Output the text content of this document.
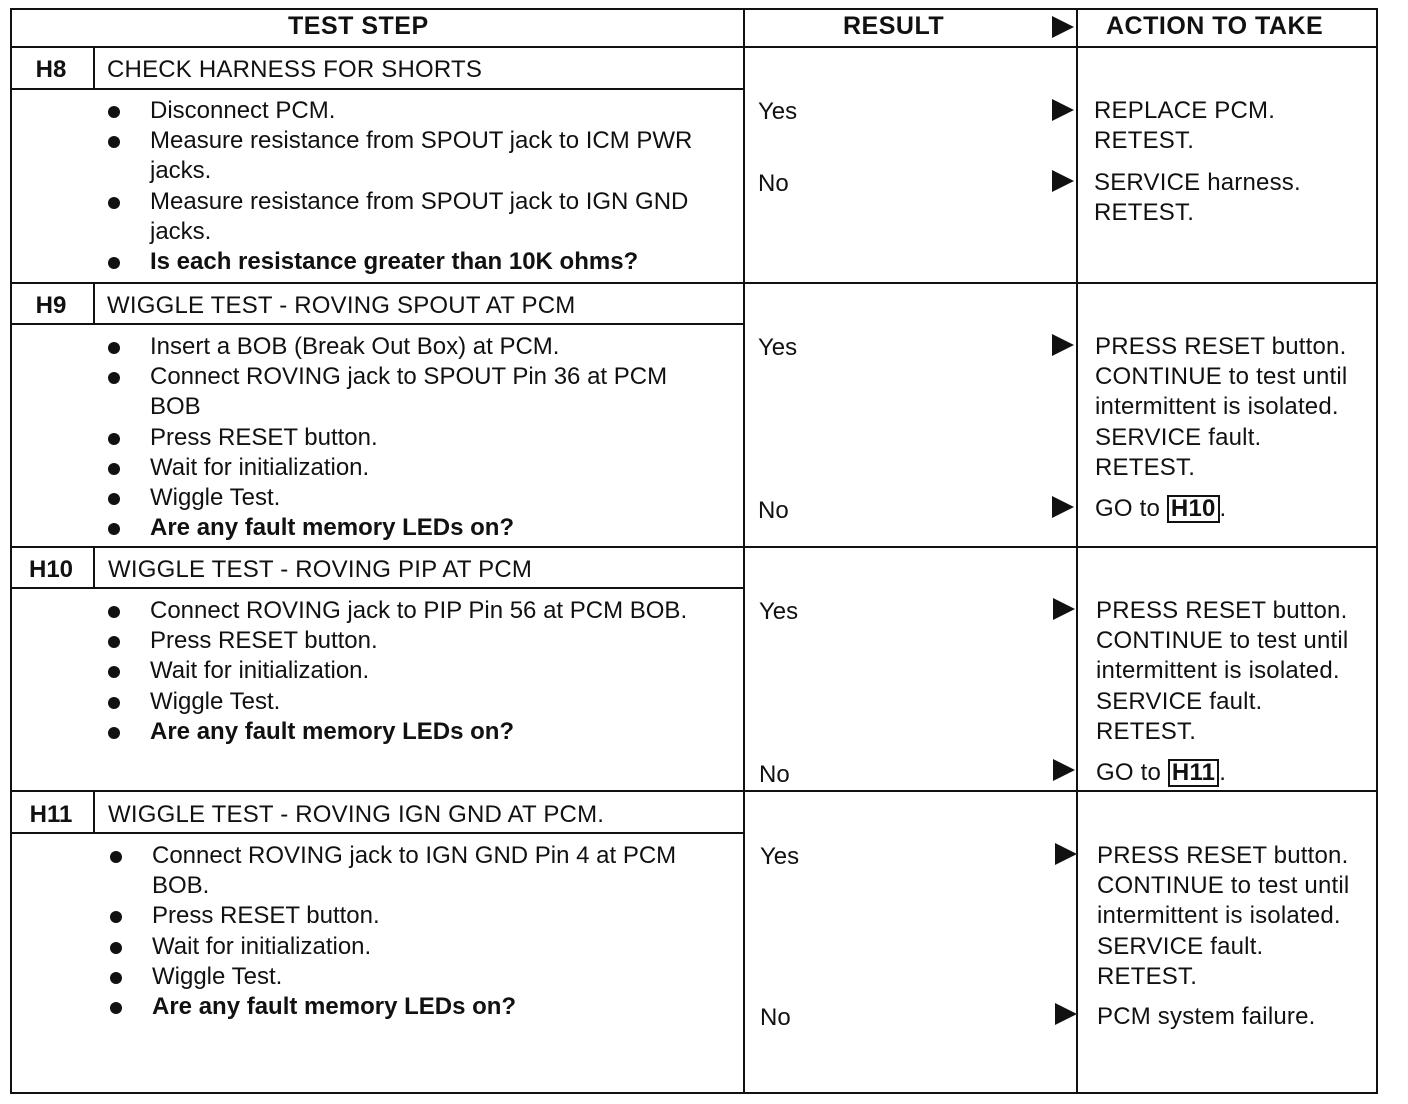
TEST STEP	RESULT	ACTION TO TAKE
H8	CHECK HARNESS FOR SHORTS
Disconnect PCM.
Measure resistance from SPOUT jack to ICM PWR jacks.
Measure resistance from SPOUT jack to IGN GND jacks.
Is each resistance greater than 10K ohms?
Yes	REPLACE PCM.
RETEST.
No	SERVICE harness.
RETEST.
H9	WIGGLE TEST - ROVING SPOUT AT PCM
Insert a BOB (Break Out Box) at PCM.
Connect ROVING jack to SPOUT Pin 36 at PCM BOB
Press RESET button.
Wait for initialization.
Wiggle Test.
Are any fault memory LEDs on?
Yes	PRESS RESET button.
CONTINUE to test until
intermittent is isolated.
SERVICE fault.
RETEST.
No	GO to H10 .
H10	WIGGLE TEST - ROVING PIP AT PCM
Connect ROVING jack to PIP Pin 56 at PCM BOB.
Press RESET button.
Wait for initialization.
Wiggle Test.
Are any fault memory LEDs on?
Yes	PRESS RESET button.
CONTINUE to test until
intermittent is isolated.
SERVICE fault.
RETEST.
No	GO to H11 .
H11	WIGGLE TEST - ROVING IGN GND AT PCM.
Connect ROVING jack to IGN GND Pin 4 at PCM BOB.
Press RESET button.
Wait for initialization.
Wiggle Test.
Are any fault memory LEDs on?
Yes	PRESS RESET button.
CONTINUE to test until
intermittent is isolated.
SERVICE fault.
RETEST.
No	PCM system failure.
